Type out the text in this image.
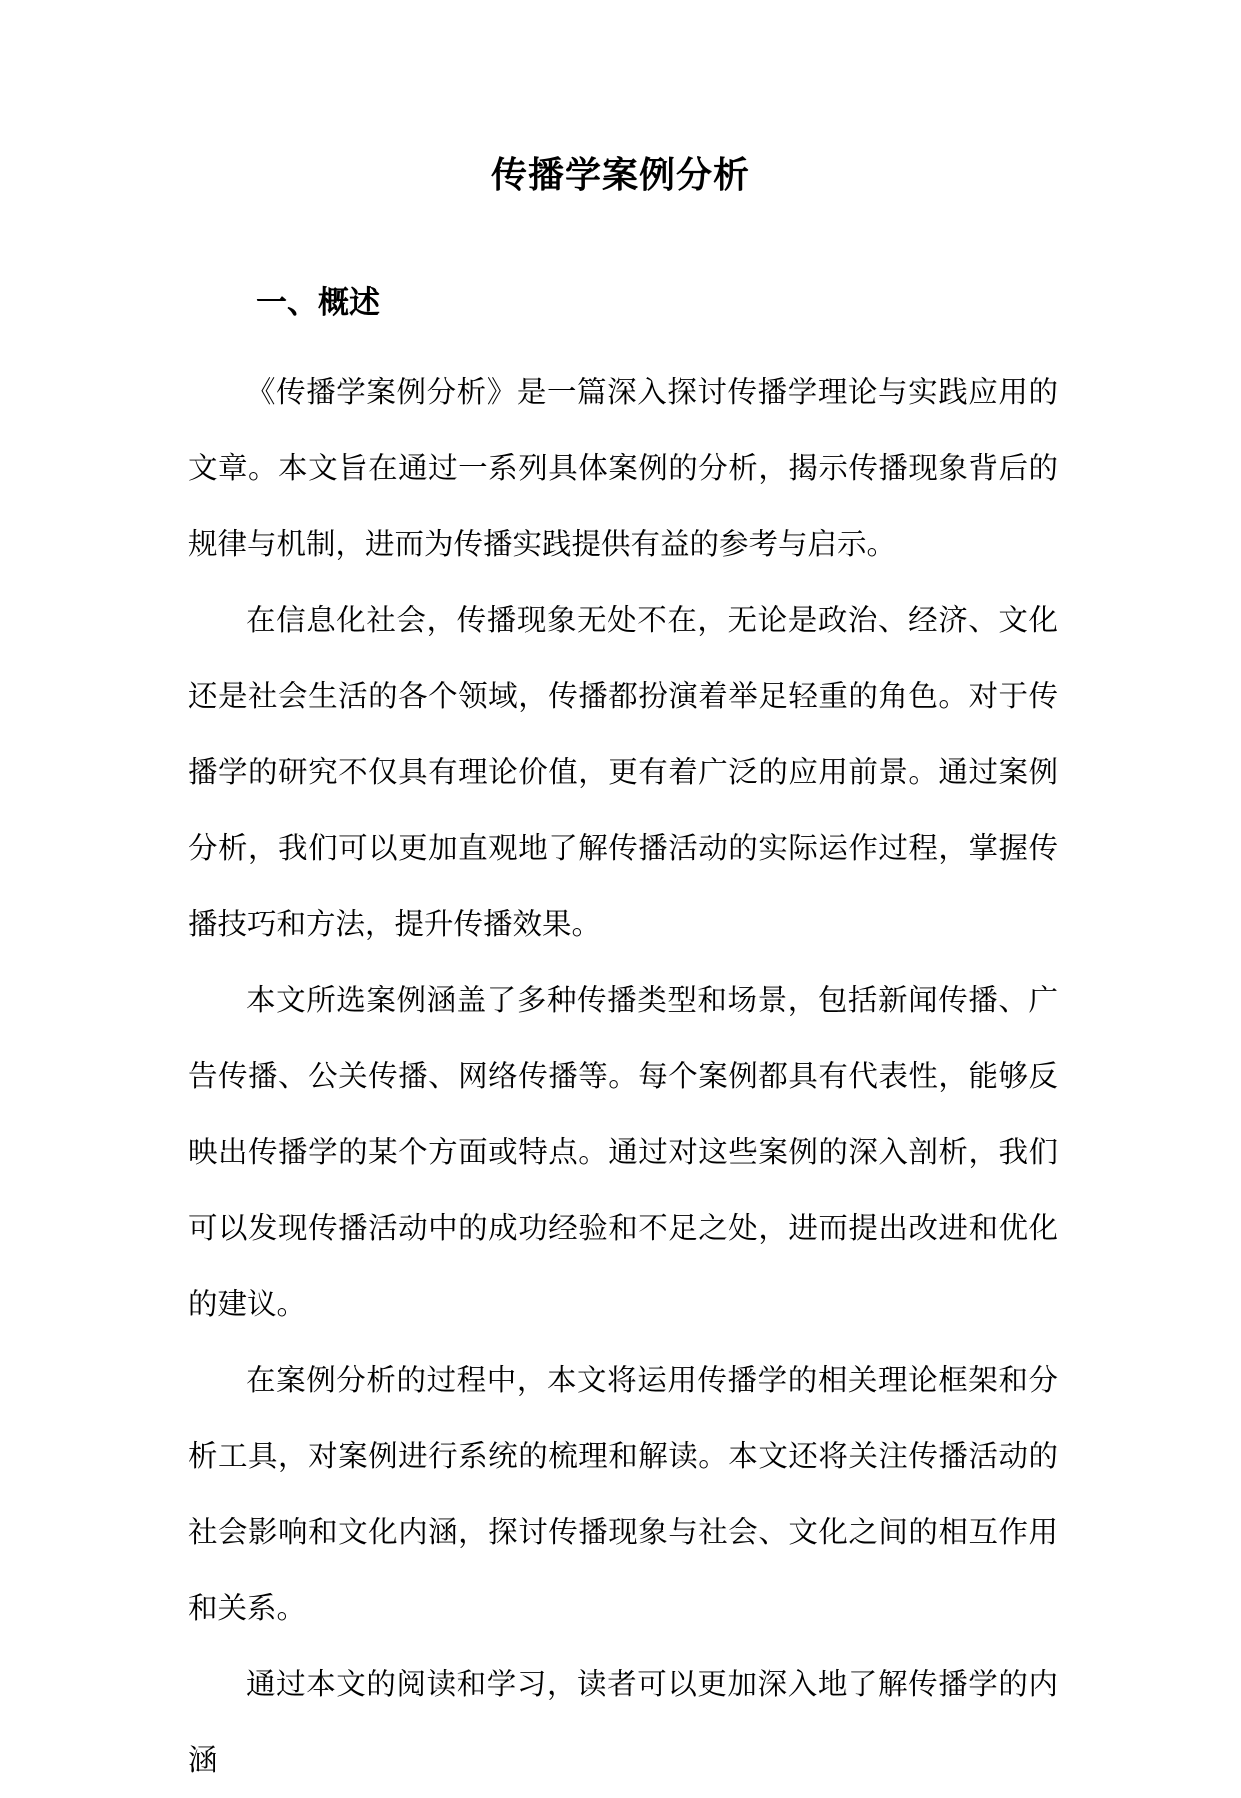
传播学案例分析
一、概述

《传播学案例分析》是一篇深入探讨传播学理论与实践应用的文章。本文旨在通过一系列具体案例的分析，揭示传播现象背后的规律与机制，进而为传播实践提供有益的参考与启示。

在信息化社会，传播现象无处不在，无论是政治、经济、文化还是社会生活的各个领域，传播都扮演着举足轻重的角色。对于传播学的研究不仅具有理论价值，更有着广泛的应用前景。通过案例分析，我们可以更加直观地了解传播活动的实际运作过程，掌握传播技巧和方法，提升传播效果。

本文所选案例涵盖了多种传播类型和场景，包括新闻传播、广告传播、公关传播、网络传播等。每个案例都具有代表性，能够反映出传播学的某个方面或特点。通过对这些案例的深入剖析，我们可以发现传播活动中的成功经验和不足之处，进而提出改进和优化的建议。

在案例分析的过程中，本文将运用传播学的相关理论框架和分析工具，对案例进行系统的梳理和解读。本文还将关注传播活动的社会影响和文化内涵，探讨传播现象与社会、文化之间的相互作用和关系。

通过本文的阅读和学习，读者可以更加深入地了解传播学的内涵
